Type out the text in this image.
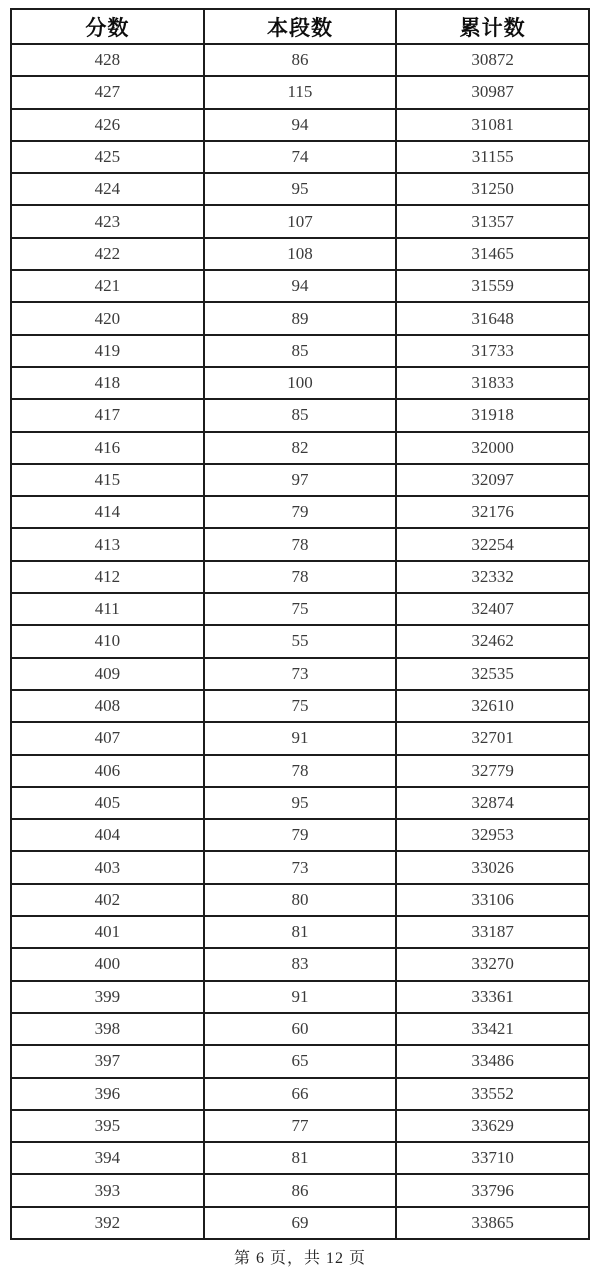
分数	本段数	累计数
428	86	30872
427	115	30987
426	94	31081
425	74	31155
424	95	31250
423	107	31357
422	108	31465
421	94	31559
420	89	31648
419	85	31733
418	100	31833
417	85	31918
416	82	32000
415	97	32097
414	79	32176
413	78	32254
412	78	32332
411	75	32407
410	55	32462
409	73	32535
408	75	32610
407	91	32701
406	78	32779
405	95	32874
404	79	32953
403	73	33026
402	80	33106
401	81	33187
400	83	33270
399	91	33361
398	60	33421
397	65	33486
396	66	33552
395	77	33629
394	81	33710
393	86	33796
392	69	33865
第 6 页，共 12 页
